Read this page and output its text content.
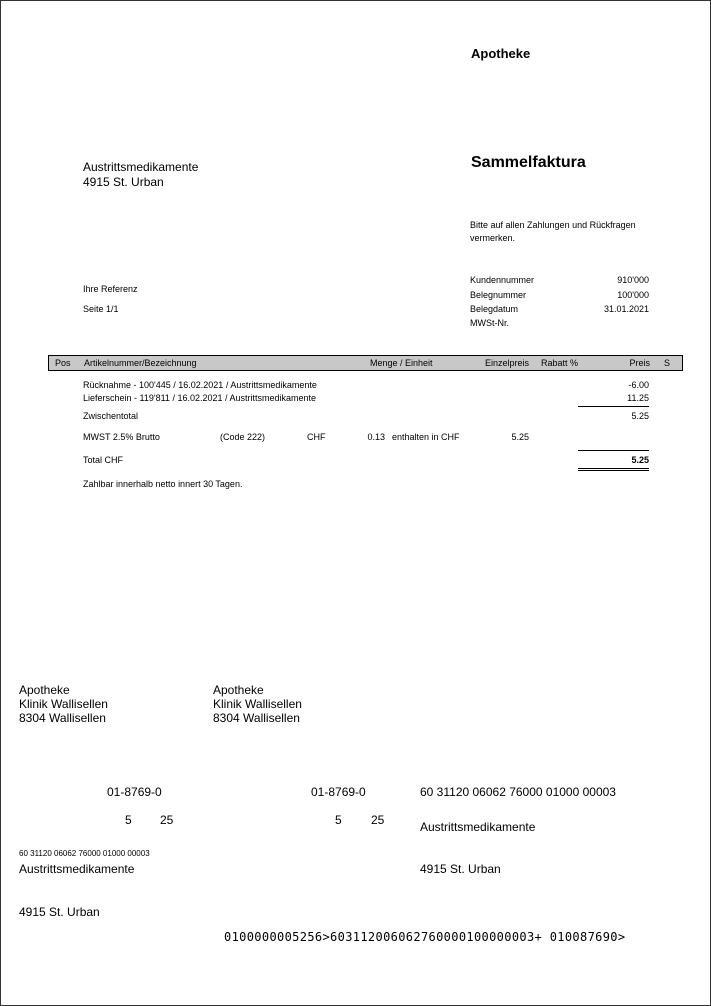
Apotheke
Sammelfaktura
Bitte auf allen Zahlungen und Rückfragen
vermerken.
Austrittsmedikamente
4915 St. Urban
Ihre Referenz
Seite 1/1
Kundennummer	910'000
Belegnummer	100'000
Belegdatum	31.01.2021
MWSt-Nr.
Pos Artikelnummer/Bezeichnung	Menge / Einheit	Einzelpreis Rabatt %	Preis S
Rücknahme - 100'445 / 16.02.2021 / Austrittsmedikamente	-6.00
Lieferschein - 119'811 / 16.02.2021 / Austrittsmedikamente	11.25
Zwischentotal	5.25
MWST 2.5% Brutto	(Code 222)	CHF	0.13 enthalten in CHF	5.25
Total CHF	5.25
Zahlbar innerhalb netto innert 30 Tagen.
Apotheke
Klinik Wallisellen
8304 Wallisellen
Apotheke
Klinik Wallisellen
8304 Wallisellen
01-8769-0	01-8769-0	60 31120 06062 76000 01000 00003
5 25	5 25	Austrittsmedikamente
60 31120 06062 76000 01000 00003
Austrittsmedikamente	4915 St. Urban
4915 St. Urban
0100000005256>603112006062760000100000003+ 010087690>
